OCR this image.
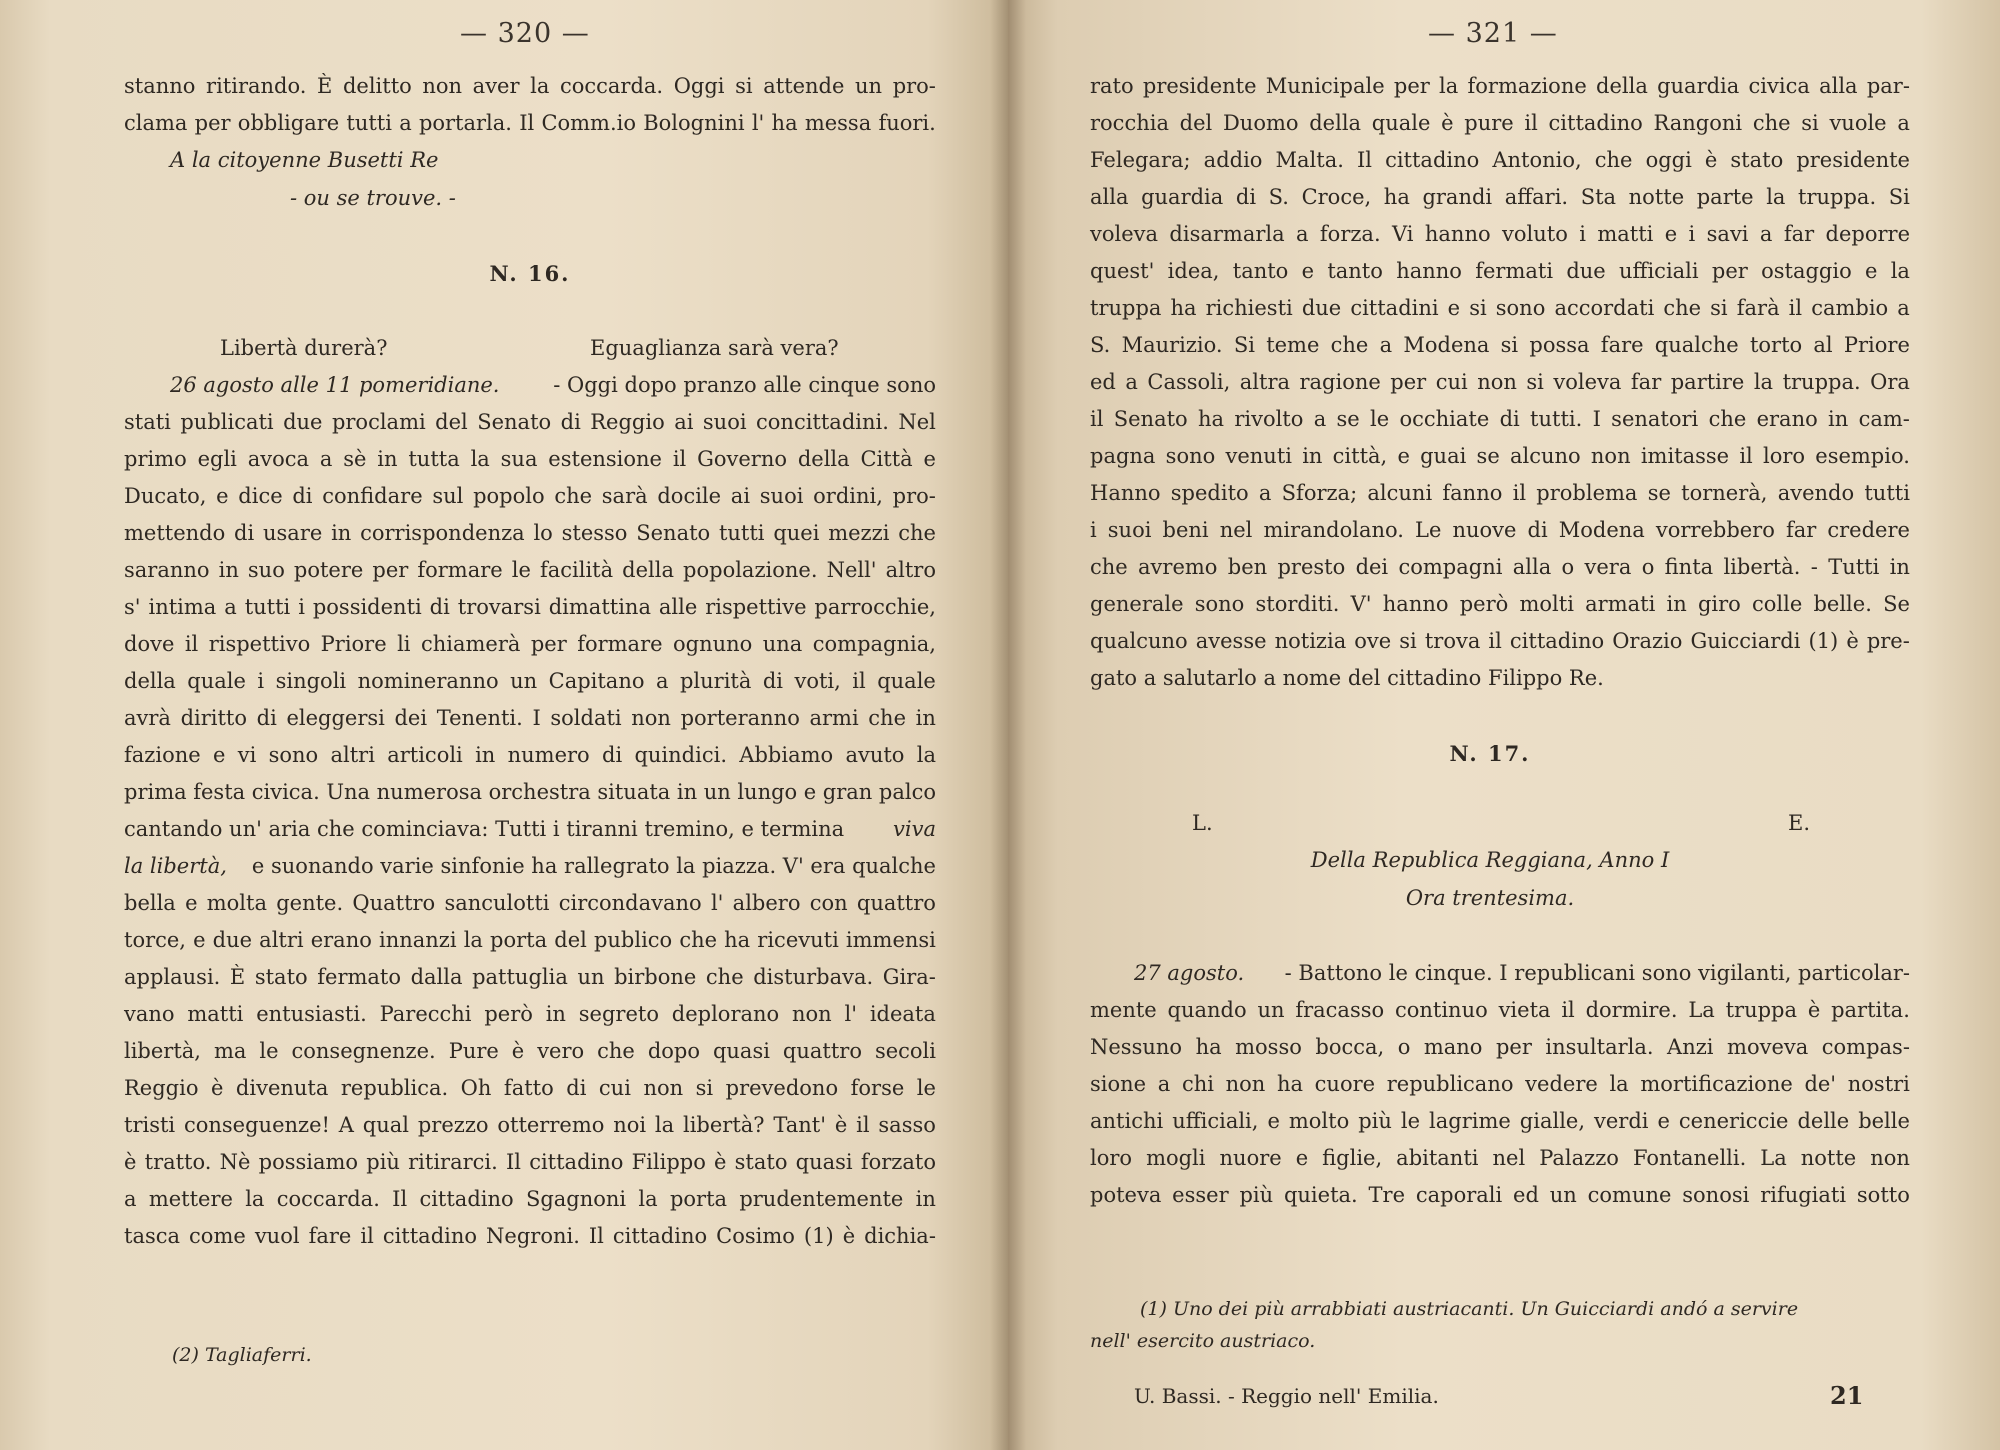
— 320 —
stanno ritirando. È delitto non aver la coccarda. Oggi si attende un pro-
clama per obbligare tutti a portarla. Il Comm.io Bolognini l' ha messa fuori.
A la citoyenne Busetti Re
- ou se trouve. -
N. 16.
Libertà durerà?	Eguaglianza sarà vera?
26 agosto alle 11 pomeridiane.	- Oggi dopo pranzo alle cinque sono
stati publicati due proclami del Senato di Reggio ai suoi concittadini. Nel
primo egli avoca a sè in tutta la sua estensione il Governo della Città e
Ducato, e dice di confidare sul popolo che sarà docile ai suoi ordini, pro-
mettendo di usare in corrispondenza lo stesso Senato tutti quei mezzi che
saranno in suo potere per formare le facilità della popolazione. Nell' altro
s' intima a tutti i possidenti di trovarsi dimattina alle rispettive parrocchie,
dove il rispettivo Priore li chiamerà per formare ognuno una compagnia,
della quale i singoli nomineranno un Capitano a plurità di voti, il quale
avrà diritto di eleggersi dei Tenenti. I soldati non porteranno armi che in
fazione e vi sono altri articoli in numero di quindici. Abbiamo avuto la
prima festa civica. Una numerosa orchestra situata in un lungo e gran palco
cantando un' aria che cominciava: Tutti i tiranni tremino, e termina viva
la libertà,	e suonando varie sinfonie ha rallegrato la piazza. V' era qualche
bella e molta gente. Quattro sanculotti circondavano l' albero con quattro
torce, e due altri erano innanzi la porta del publico che ha ricevuti immensi
applausi. È stato fermato dalla pattuglia un birbone che disturbava. Gira-
vano matti entusiasti. Parecchi però in segreto deplorano non l' ideata
libertà, ma le consegnenze. Pure è vero che dopo quasi quattro secoli
Reggio è divenuta republica. Oh fatto di cui non si prevedono forse le
tristi conseguenze! A qual prezzo otterremo noi la libertà? Tant' è il sasso
è tratto. Nè possiamo più ritirarci. Il cittadino Filippo è stato quasi forzato
a mettere la coccarda. Il cittadino Sgagnoni la porta prudentemente in
tasca come vuol fare il cittadino Negroni. Il cittadino Cosimo (1) è dichia-
(2) Tagliaferri.
— 321 —
rato presidente Municipale per la formazione della guardia civica alla par-
rocchia del Duomo della quale è pure il cittadino Rangoni che si vuole a
Felegara; addio Malta. Il cittadino Antonio, che oggi è stato presidente
alla guardia di S. Croce, ha grandi affari. Sta notte parte la truppa. Si
voleva disarmarla a forza. Vi hanno voluto i matti e i savi a far deporre
quest' idea, tanto e tanto hanno fermati due ufficiali per ostaggio e la
truppa ha richiesti due cittadini e si sono accordati che si farà il cambio a
S. Maurizio. Si teme che a Modena si possa fare qualche torto al Priore
ed a Cassoli, altra ragione per cui non si voleva far partire la truppa. Ora
il Senato ha rivolto a se le occhiate di tutti. I senatori che erano in cam-
pagna sono venuti in città, e guai se alcuno non imitasse il loro esempio.
Hanno spedito a Sforza; alcuni fanno il problema se tornerà, avendo tutti
i suoi beni nel mirandolano. Le nuove di Modena vorrebbero far credere
che avremo ben presto dei compagni alla o vera o finta libertà. - Tutti in
generale sono storditi. V' hanno però molti armati in giro colle belle. Se
qualcuno avesse notizia ove si trova il cittadino Orazio Guicciardi (1) è pre-
gato a salutarlo a nome del cittadino Filippo Re.
N. 17.
L.	E.
Della Republica Reggiana, Anno I
Ora trentesima.
27 agosto.	- Battono le cinque. I republicani sono vigilanti, particolar-
mente quando un fracasso continuo vieta il dormire. La truppa è partita.
Nessuno ha mosso bocca, o mano per insultarla. Anzi moveva compas-
sione a chi non ha cuore republicano vedere la mortificazione de' nostri
antichi ufficiali, e molto più le lagrime gialle, verdi e cenericcie delle belle
loro mogli nuore e figlie, abitanti nel Palazzo Fontanelli. La notte non
poteva esser più quieta. Tre caporali ed un comune sonosi rifugiati sotto
(1) Uno dei più arrabbiati austriacanti. Un Guicciardi andó a servire
nell' esercito austriaco.
U. Bassi. - Reggio nell' Emilia.	21
